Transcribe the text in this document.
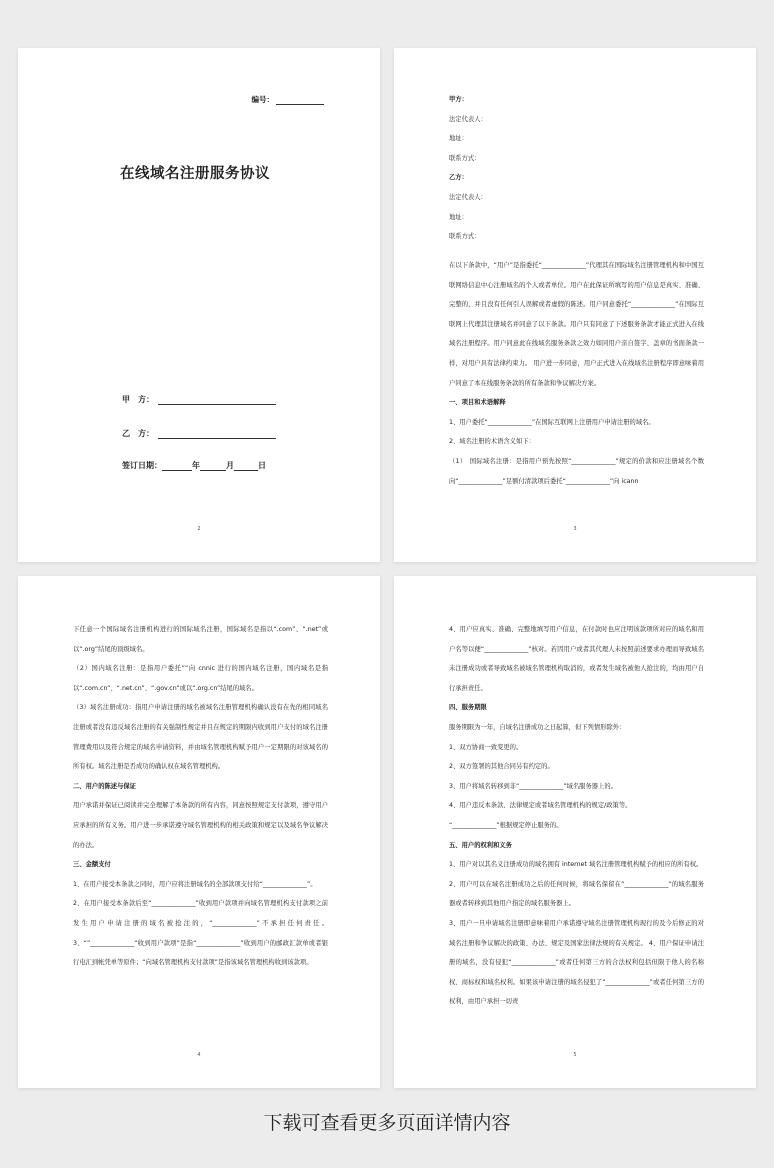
编号：
在线域名注册服务协议
甲　方：
乙　方：
签订日期：	年	月	日
2

甲方：

法定代表人：

地址：

联系方式：

乙方：

法定代表人：

地址：

联系方式：

在以下条款中，“用户”是指委托“______________”代理其在国际域名注册管理机构和中国互联网络信息中心注册域名的个人或者单位。用户在此保证所填写的用户信息是真实、准确、完整的，并且没有任何引人误解或者虚假的陈述。用户同意委托“______________”在国际互联网上代理其注册域名并同意了以下条款。用户只有同意了下述服务条款才能正式进入在线域名注册程序。用户同意此在线域名服务条款之效力如同用户亲自签字、盖章的书面条款一样，对用户具有法律约束力。 用户进一步同意，用户正式进入在线域名注册程序即意味着用户同意了本在线服务条款的所有条款和争议解决方案。

一、项目和术语解释

1、用户委托“______________”在国际互联网上注册用户申请注册的域名。

2、域名注册的术语含义如下：

（1）　国际域名注册：是指用户预先按照“______________”规定的价款和应注册域名个数向“______________”足额付清款项后委托“______________”向 icann

3

下任意一个国际域名注册机构进行的国际域名注册，国际域名是指以“.com”、“.net”或以“.org”结尾的顶级域名。

（2）国内域名注册：是指用户委托“”向 cnnic 进行的国内域名注册，国内域名是指以“.com.cn”、“.net.cn”、“.gov.cn”或以“.org.cn”结尾的域名。

（3）域名注册成功：指用户申请注册的域名被域名注册管理机构确认没有在先的相同域名注册或者没有违反域名注册的有关强制性规定并且在规定的期限内收到用户支付的域名注册管理费用以及符合规定的域名申请资料，并由域名管理机构赋予用户一定期限的对该域名的所有权。域名注册是否成功的确认权在域名管理机构。

二、用户的陈述与保证

用户承诺并保证已阅读并完全理解了本条款的所有内容，同意按照规定支付款项，遵守用户应承担的所有义务。用户进一步承诺遵守域名管理机构的相关政策和规定以及域名争议解决的办法。

三、金额支付

1、在用户接受本条款之同时，用户应将注册域名的全部款项支付给“______________”。

2、在用户接受本条款后至“______________”收到用户款项并向域名管理机构支付款项之前发生用户申请注册的域名被抢注的，“______________”不承担任何责任。 3、“”______________“收到用户款项”是指“______________”收到用户的邮政汇款单或者银行电汇到帐凭单等原件；“向域名管理机构支付款项”是指该域名管理机构收到该款项。

4

4、用户应真实、准确、完整地填写用户信息，在付款时也应注明该款项所对应的域名和用户名等以便“______________”核对。若因用户或者其代理人未按照前述要求办理而导致域名未注册成功或者导致域名被域名管理机构取消的，或者发生域名被他人抢注的，均由用户自行承担责任。

四、服务期限

服务期限为一年，自域名注册成功之日起算，但下列情形除外：

1、双方协商一致变更的。

2、双方签署的其他合同另有约定的。

3、用户将域名转移到非“______________”域名服务器上的。

4、用户违反本条款、法律规定或者域名管理机构的规定/政策等。

“______________”根据规定停止服务的。

五、用户的权利和义务

1、用户对以其名义注册成功的域名拥有 internet 域名注册管理机构赋予的相应的所有权。

2、用户可以在域名注册成功之后的任何时候，将域名保留在“______________”的域名服务器或者转移到其他用户指定的域名服务器上。

3、用户一旦申请域名注册即意味着用户承诺遵守域名注册管理机构现行的及今后修正的对域名注册和争议解决的政策、办法、规定及国家法律法规的有关规定。 4、用户保证申请注册的域名，没有侵犯“______________”或者任何第三方的合法权利包括但限于他人的名称权、商标权和域名权利。如果该申请注册的域名侵犯了“______________”或者任何第三方的权利，由用户承担一切责

5
下载可查看更多页面详情内容
